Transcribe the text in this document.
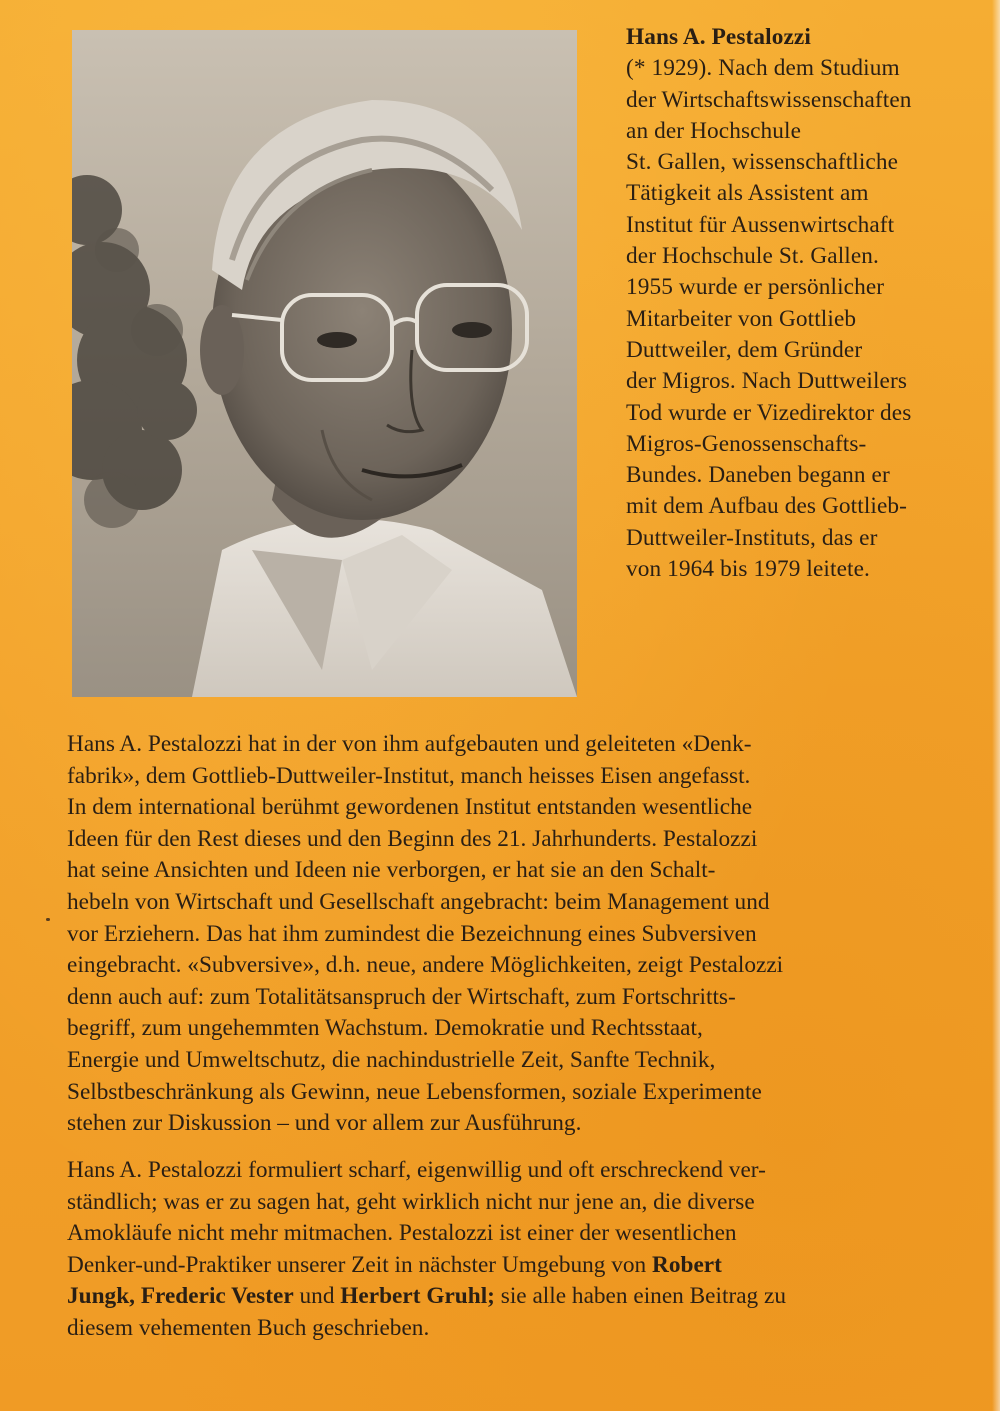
Hans A. Pestalozzi
(* 1929). Nach dem Studium
der Wirtschaftswissenschaften
an der Hochschule
St. Gallen, wissenschaftliche
Tätigkeit als Assistent am
Institut für Aussenwirtschaft
der Hochschule St. Gallen.
1955 wurde er persönlicher
Mitarbeiter von Gottlieb
Duttweiler, dem Gründer
der Migros. Nach Duttweilers
Tod wurde er Vizedirektor des
Migros-Genossenschafts-
Bundes. Daneben begann er
mit dem Aufbau des Gottlieb-
Duttweiler-Instituts, das er
von 1964 bis 1979 leitete.
Hans A. Pestalozzi hat in der von ihm aufgebauten und geleiteten «Denk-
fabrik», dem Gottlieb-Duttweiler-Institut, manch heisses Eisen angefasst.
In dem international berühmt gewordenen Institut entstanden wesentliche
Ideen für den Rest dieses und den Beginn des 21. Jahrhunderts. Pestalozzi
hat seine Ansichten und Ideen nie verborgen, er hat sie an den Schalt-
hebeln von Wirtschaft und Gesellschaft angebracht: beim Management und
vor Erziehern. Das hat ihm zumindest die Bezeichnung eines Subversiven
eingebracht. «Subversive», d.h. neue, andere Möglichkeiten, zeigt Pestalozzi
denn auch auf: zum Totalitätsanspruch der Wirtschaft, zum Fortschritts-
begriff, zum ungehemmten Wachstum. Demokratie und Rechtsstaat,
Energie und Umweltschutz, die nachindustrielle Zeit, Sanfte Technik,
Selbstbeschränkung als Gewinn, neue Lebensformen, soziale Experimente
stehen zur Diskussion – und vor allem zur Ausführung.
Hans A. Pestalozzi formuliert scharf, eigenwillig und oft erschreckend ver-
ständlich; was er zu sagen hat, geht wirklich nicht nur jene an, die diverse
Amokläufe nicht mehr mitmachen. Pestalozzi ist einer der wesentlichen
Denker-und-Praktiker unserer Zeit in nächster Umgebung von Robert
Jungk, Frederic Vester und Herbert Gruhl; sie alle haben einen Beitrag zu
diesem vehementen Buch geschrieben.
